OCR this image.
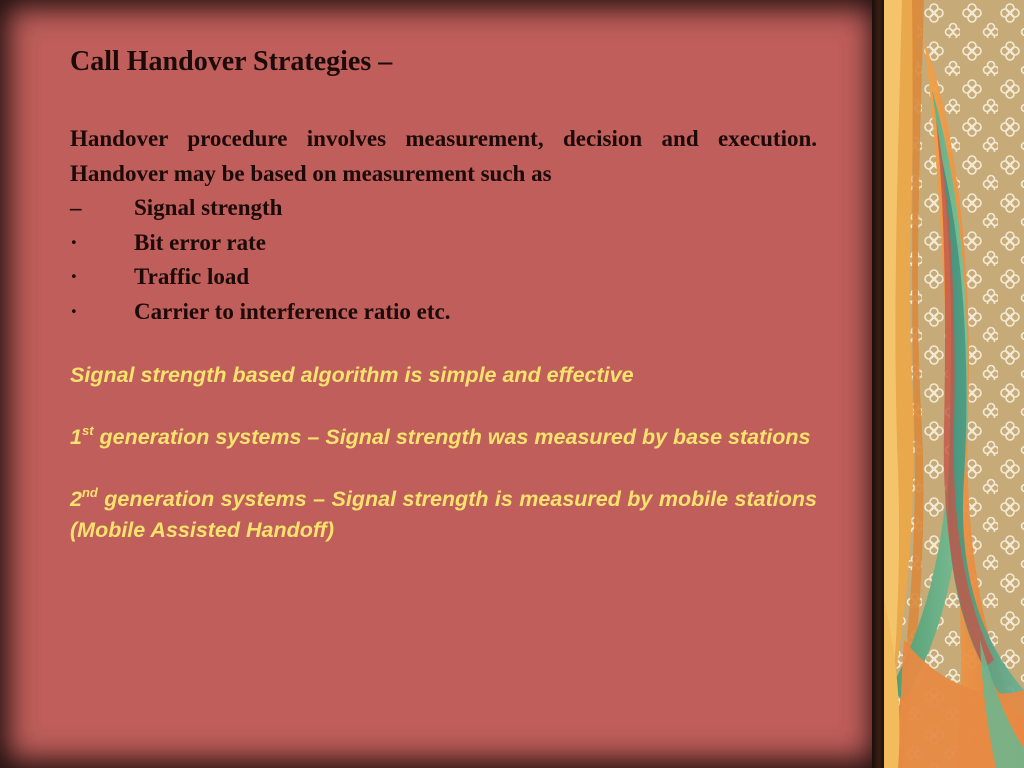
Call Handover Strategies –

Handover procedure involves measurement, decision and execution. Handover may be based on measurement such as

–	Signal strength
·	Bit error rate
·	Traffic load
·	Carrier to interference ratio etc.

Signal strength based algorithm is simple and effective

1st generation systems – Signal strength was measured by base stations

2nd generation systems – Signal strength is measured by mobile stations (Mobile Assisted Handoff)
